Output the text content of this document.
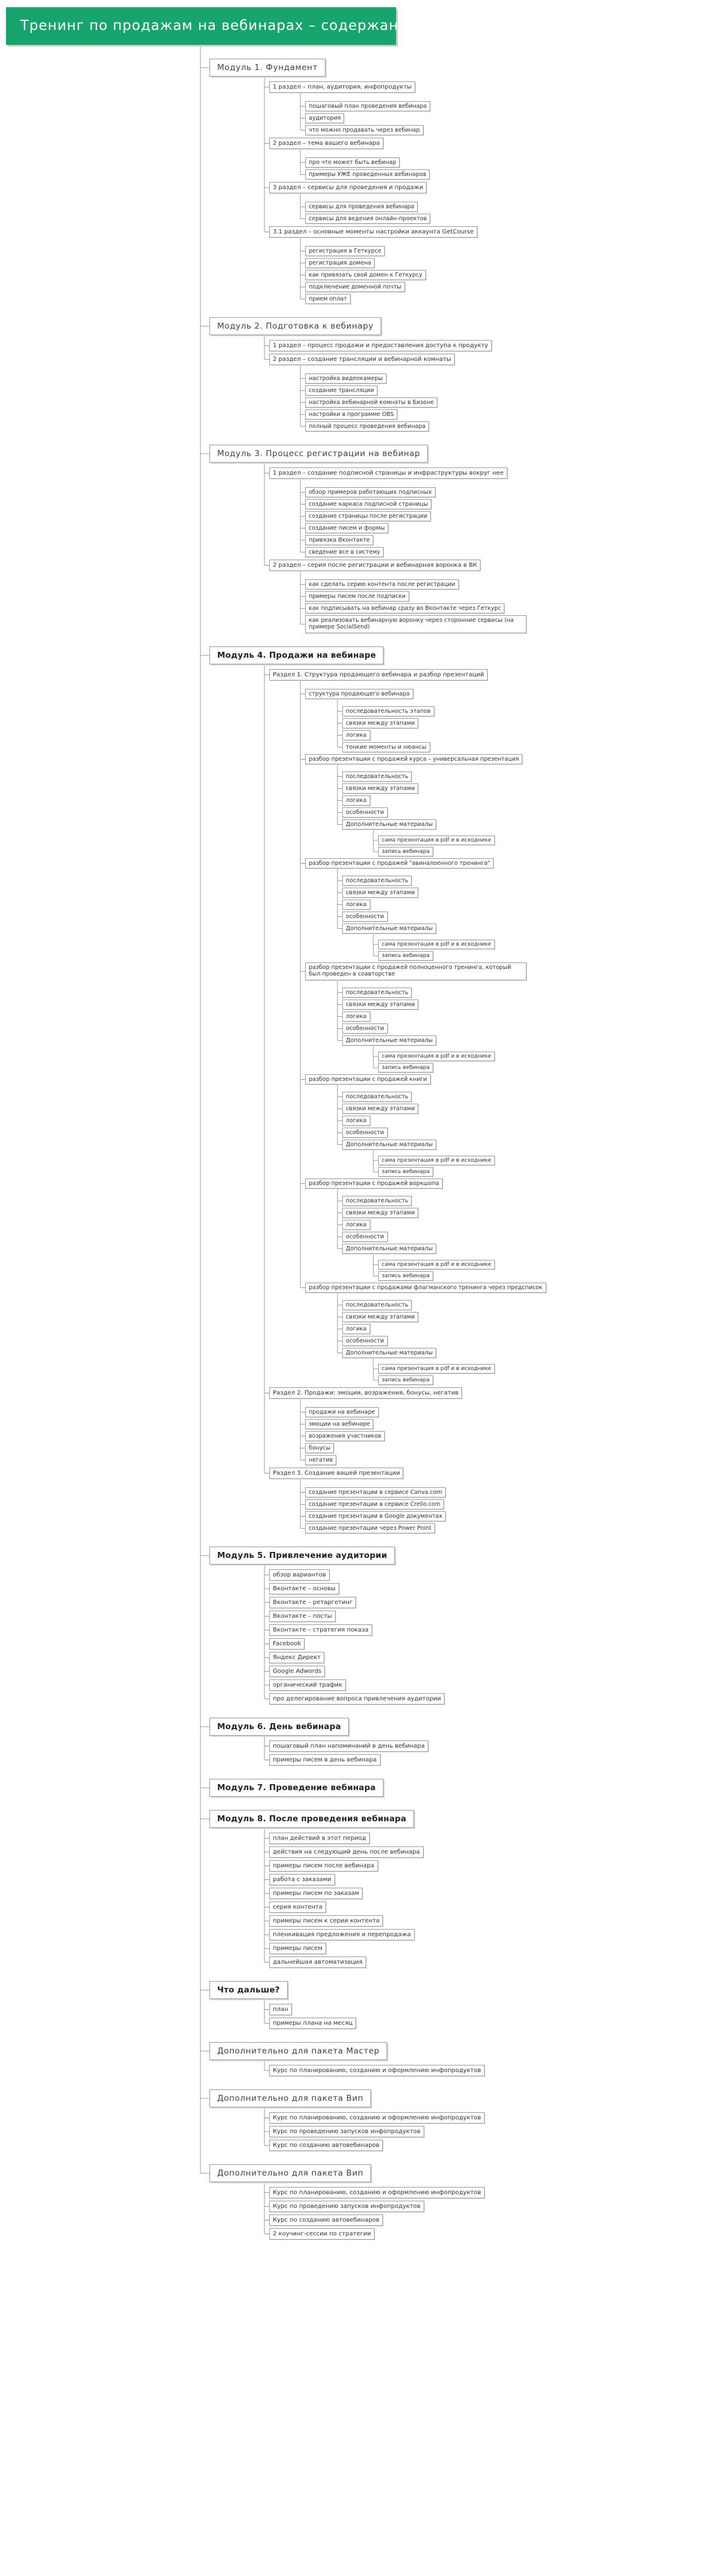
Тренинг по продажам на вебинарах – содержание
Модуль 1. Фундамент
1 раздел – план, аудитория, инфопродукты
пошаговый план проведения вебинара
аудитория
что можно продавать через вебинар
2 раздел – тема вашего вебинара
про что может быть вебинар
примеры УЖЕ проведенных вебинаров
3 раздел – сервисы для проведения и продажи
сервисы для проведения вебинара
сервисы для ведения онлайн-проектов
3.1 раздел – основные моменты настройки аккаунта GetCourse
регистрация в Геткурсе
регистрация домена
как привязать свой домен к Геткурсу
подключение доменной почты
прием оплат
Модуль 2. Подготовка к вебинару
1 раздел – процесс продажи и предоставления доступа к продукту
2 раздел – создание трансляции и вебинарной комнаты
настройка видеокамеры
создание трансляции
настройка вебинарной комнаты в Бизоне
настройки в программе OBS
полный процесс проведения вебинара
Модуль 3. Процесс регистрации на вебинар
1 раздел – создание подписной страницы и инфраструктуры вокруг нее
обзор примеров работающих подписных
создание каркаса подписной страницы
создание страницы после регистрации
создание писем и формы
привязка Вконтакте
сведение все в систему
2 раздел – серия после регистрации и вебинарная воронка в ВК
как сделать серию контента после регистрации
примеры писем после подписки
как подписывать на вебинар сразу во Вконтакте через Геткурс
как реализовать вебинарную воронку через сторонние сервисы (на примере SocialSend)
Модуль 4. Продажи на вебинаре
Раздел 1. Структура продающего вебинара и разбор презентаций
структура продающего вебинара
последовательность этапов
связки между этапами
логика
тонкие моменты и нюансы
разбор презентации с продажей курса – универсальная презентация
последовательность
связки между этапами
логика
особенности
Дополнительные материалы
сама презентация в pdf и в исходнике
запись вебинара
разбор презентации с продажей "авиналоенного тренинга"
последовательность
связки между этапами
логика
особенности
Дополнительные материалы
сама презентация в pdf и в исходнике
запись вебинара
разбор презентации с продажей полноценного тренинга, который был проведен в соавторстве
последовательность
связки между этапами
логика
особенности
Дополнительные материалы
сама презентация в pdf и в исходнике
запись вебинара
разбор презентации с продажей книги
последовательность
связки между этапами
логика
особенности
Дополнительные материалы
сама презентация в pdf и в исходнике
запись вебинара
разбор презентации с продажей воркшопа
последовательность
связки между этапами
логика
особенности
Дополнительные материалы
сама презентация в pdf и в исходнике
запись вебинара
разбор презентации с продажами флагманского тренинга через предсписок
последовательность
связки между этапами
логика
особенности
Дополнительные материалы
сама презентация в pdf и в исходнике
запись вебинара
Раздел 2. Продажи: эмоции, возражения, бонусы, негатив
продажи на вебинаре
эмоции на вебинаре
возражения участников
бонусы
негатив
Раздел 3. Создание вашей презентации
создание презентации в сервисе Canva.com
создание презентации в сервисе Crello.com
создание презентации в Google документах
создание презентации через Power Point
Модуль 5. Привлечение аудитории
обзор вариантов
Вконтакте – основы
Вконтакте – ретаргетинг
Вконтакте – посты
Вконтакте – стратегия показа
Facebook
Яндекс Директ
Google Adwords
органический трафик
про делегирование вопроса привлечения аудитории
Модуль 6. День вебинара
пошаговый план напоминаний в день вебинара
примеры писем в день вебинара
Модуль 7. Проведение вебинара
Модуль 8. После проведения вебинара
план действий в этот период
действия на следующий день после вебинара
примеры писем после вебинара
работа с заказами
примеры писем по заказам
серия контента
примеры писем к серии контента
пленкивация предложения и перепродажа
примеры писем
дальнейшая автоматизация
Что дальше?
план
примеры плана на месяц
Дополнительно для пакета Мастер
Курс по планированию, созданию и оформлению инфопродуктов
Дополнительно для пакета Вип
Курс по планированию, созданию и оформлению инфопродуктов
Курс по проведению запусков инфопродуктов
Курс по созданию автовебинаров
Дополнительно для пакета Вип
Курс по планированию, созданию и оформлению инфопродуктов
Курс по проведению запусков инфопродуктов
Курс по созданию автовебинаров
2 коучинг-сессии по стратегии
